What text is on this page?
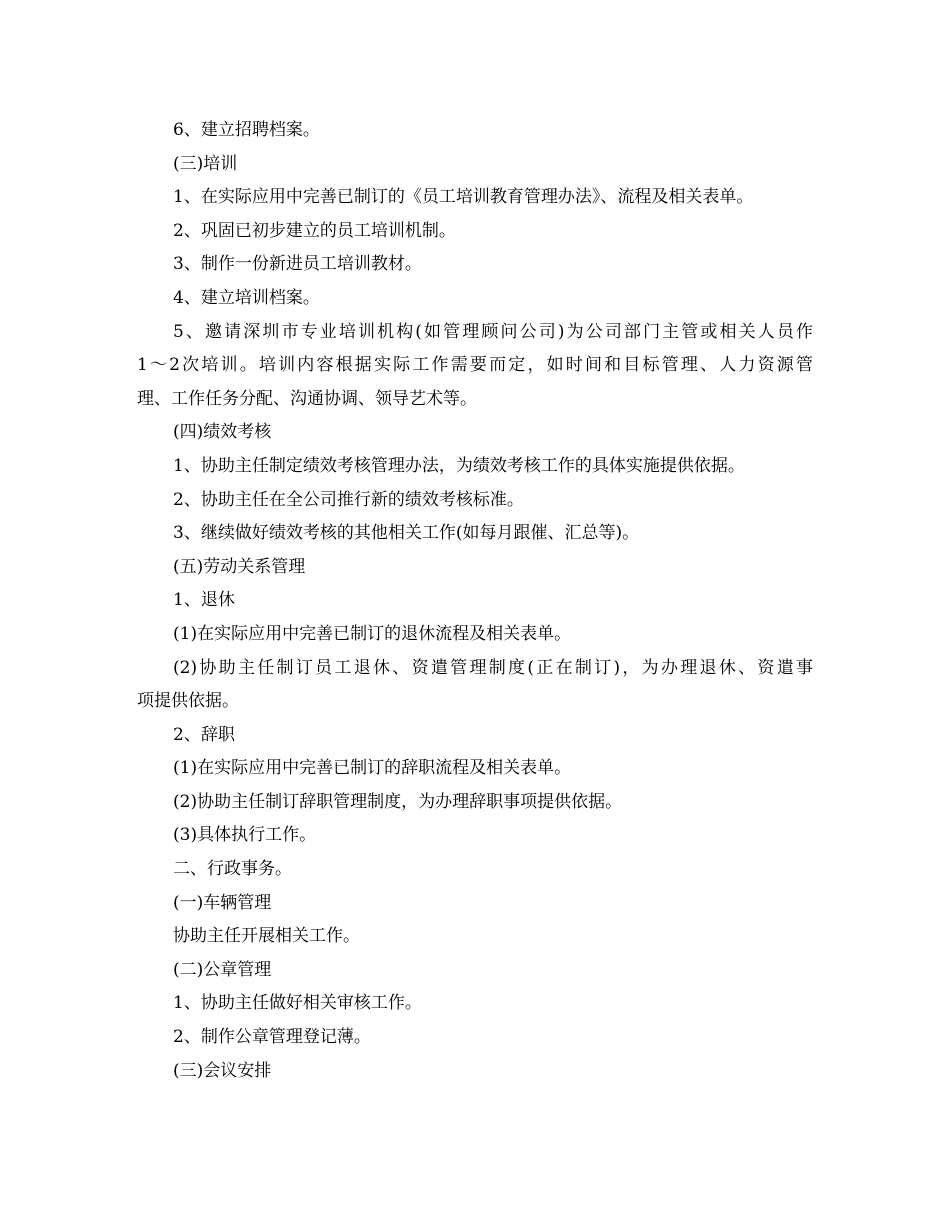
6、建立招聘档案。

(三)培训

1、在实际应用中完善已制订的《员工培训教育管理办法》、流程及相关表单。

2、巩固已初步建立的员工培训机制。

3、制作一份新进员工培训教材。

4、建立培训档案。

5、邀请深圳市专业培训机构(如管理顾问公司)为公司部门主管或相关人员作

1～2次培训。培训内容根据实际工作需要而定，如时间和目标管理、人力资源管

理、工作任务分配、沟通协调、领导艺术等。

(四)绩效考核

1、协助主任制定绩效考核管理办法，为绩效考核工作的具体实施提供依据。

2、协助主任在全公司推行新的绩效考核标准。

3、继续做好绩效考核的其他相关工作(如每月跟催、汇总等)。

(五)劳动关系管理

1、退休

(1)在实际应用中完善已制订的退休流程及相关表单。

(2)协助主任制订员工退休、资遣管理制度(正在制订)，为办理退休、资遣事

项提供依据。

2、辞职

(1)在实际应用中完善已制订的辞职流程及相关表单。

(2)协助主任制订辞职管理制度，为办理辞职事项提供依据。

(3)具体执行工作。

二、行政事务。

(一)车辆管理

协助主任开展相关工作。

(二)公章管理

1、协助主任做好相关审核工作。

2、制作公章管理登记薄。

(三)会议安排
